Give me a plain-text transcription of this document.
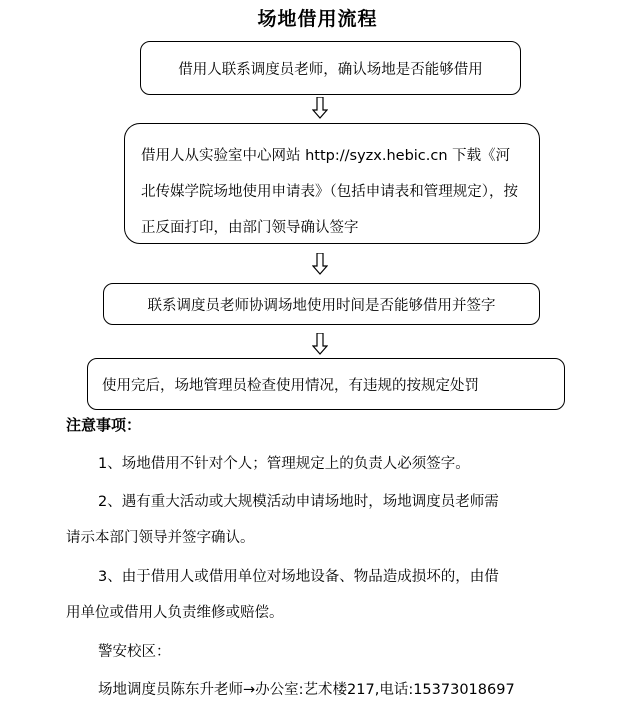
场地借用流程
借用人联系调度员老师，确认场地是否能够借用
借用人从实验室中心网站 http://syzx.hebic.cn 下载《河北传媒学院场地使用申请表》（包括申请表和管理规定），按正反面打印，由部门领导确认签字
联系调度员老师协调场地使用时间是否能够借用并签字
使用完后，场地管理员检查使用情况，有违规的按规定处罚
注意事项：
1、场地借用不针对个人；管理规定上的负责人必须签字。
2、遇有重大活动或大规模活动申请场地时，场地调度员老师需
请示本部门领导并签字确认。
3、由于借用人或借用单位对场地设备、物品造成损坏的，由借
用单位或借用人负责维修或赔偿。
警安校区：
场地调度员陈东升老师→办公室:艺术楼217,电话:15373018697
